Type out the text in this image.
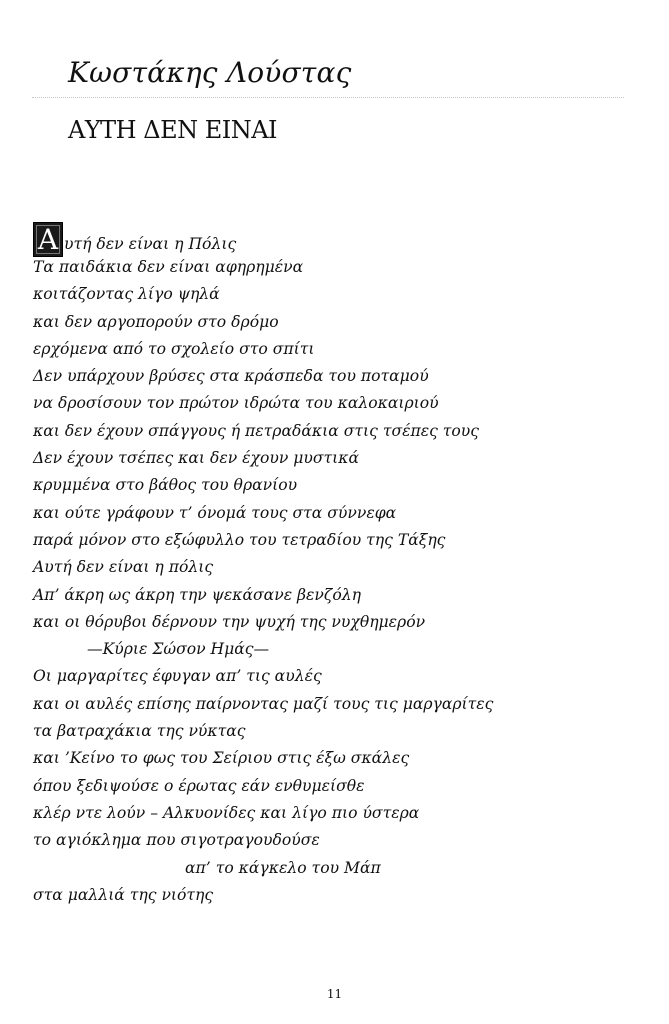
Κωστάκης Λούστας
ΑΥΤΗ ΔΕΝ ΕΙΝΑΙ
Α υτή δεν είναι η Πόλις
Τα παιδάκια δεν είναι αφηρημένα
κοιτάζοντας λίγο ψηλά
και δεν αργοπορούν στο δρόμο
ερχόμενα από το σχολείο στο σπίτι
Δεν υπάρχουν βρύσες στα κράσπεδα του ποταμού
να δροσίσουν τον πρώτον ιδρώτα του καλοκαιριού
και δεν έχουν σπάγγους ή πετραδάκια στις τσέπες τους
Δεν έχουν τσέπες και δεν έχουν μυστικά
κρυμμένα στο βάθος του θρανίου
και ούτε γράφουν τ’ όνομά τους στα σύννεφα
παρά μόνον στο εξώφυλλο του τετραδίου της Τάξης
Αυτή δεν είναι η πόλις
Απ’ άκρη ως άκρη την ψεκάσανε βενζόλη
και οι θόρυβοι δέρνουν την ψυχή της νυχθημερόν
—Κύριε Σώσον Ημάς—
Οι μαργαρίτες έφυγαν απ’ τις αυλές
και οι αυλές επίσης παίρνοντας μαζί τους τις μαργαρίτες
τα βατραχάκια της νύκτας
και ’Κείνο το φως του Σείριου στις έξω σκάλες
όπου ξεδιψούσε ο έρωτας εάν ενθυμείσθε
κλέρ ντε λούν – Αλκυονίδες και λίγο πιο ύστερα
το αγιόκλημα που σιγοτραγουδούσε
απ’ το κάγκελο του Μάπ
στα μαλλιά της νιότης
11
